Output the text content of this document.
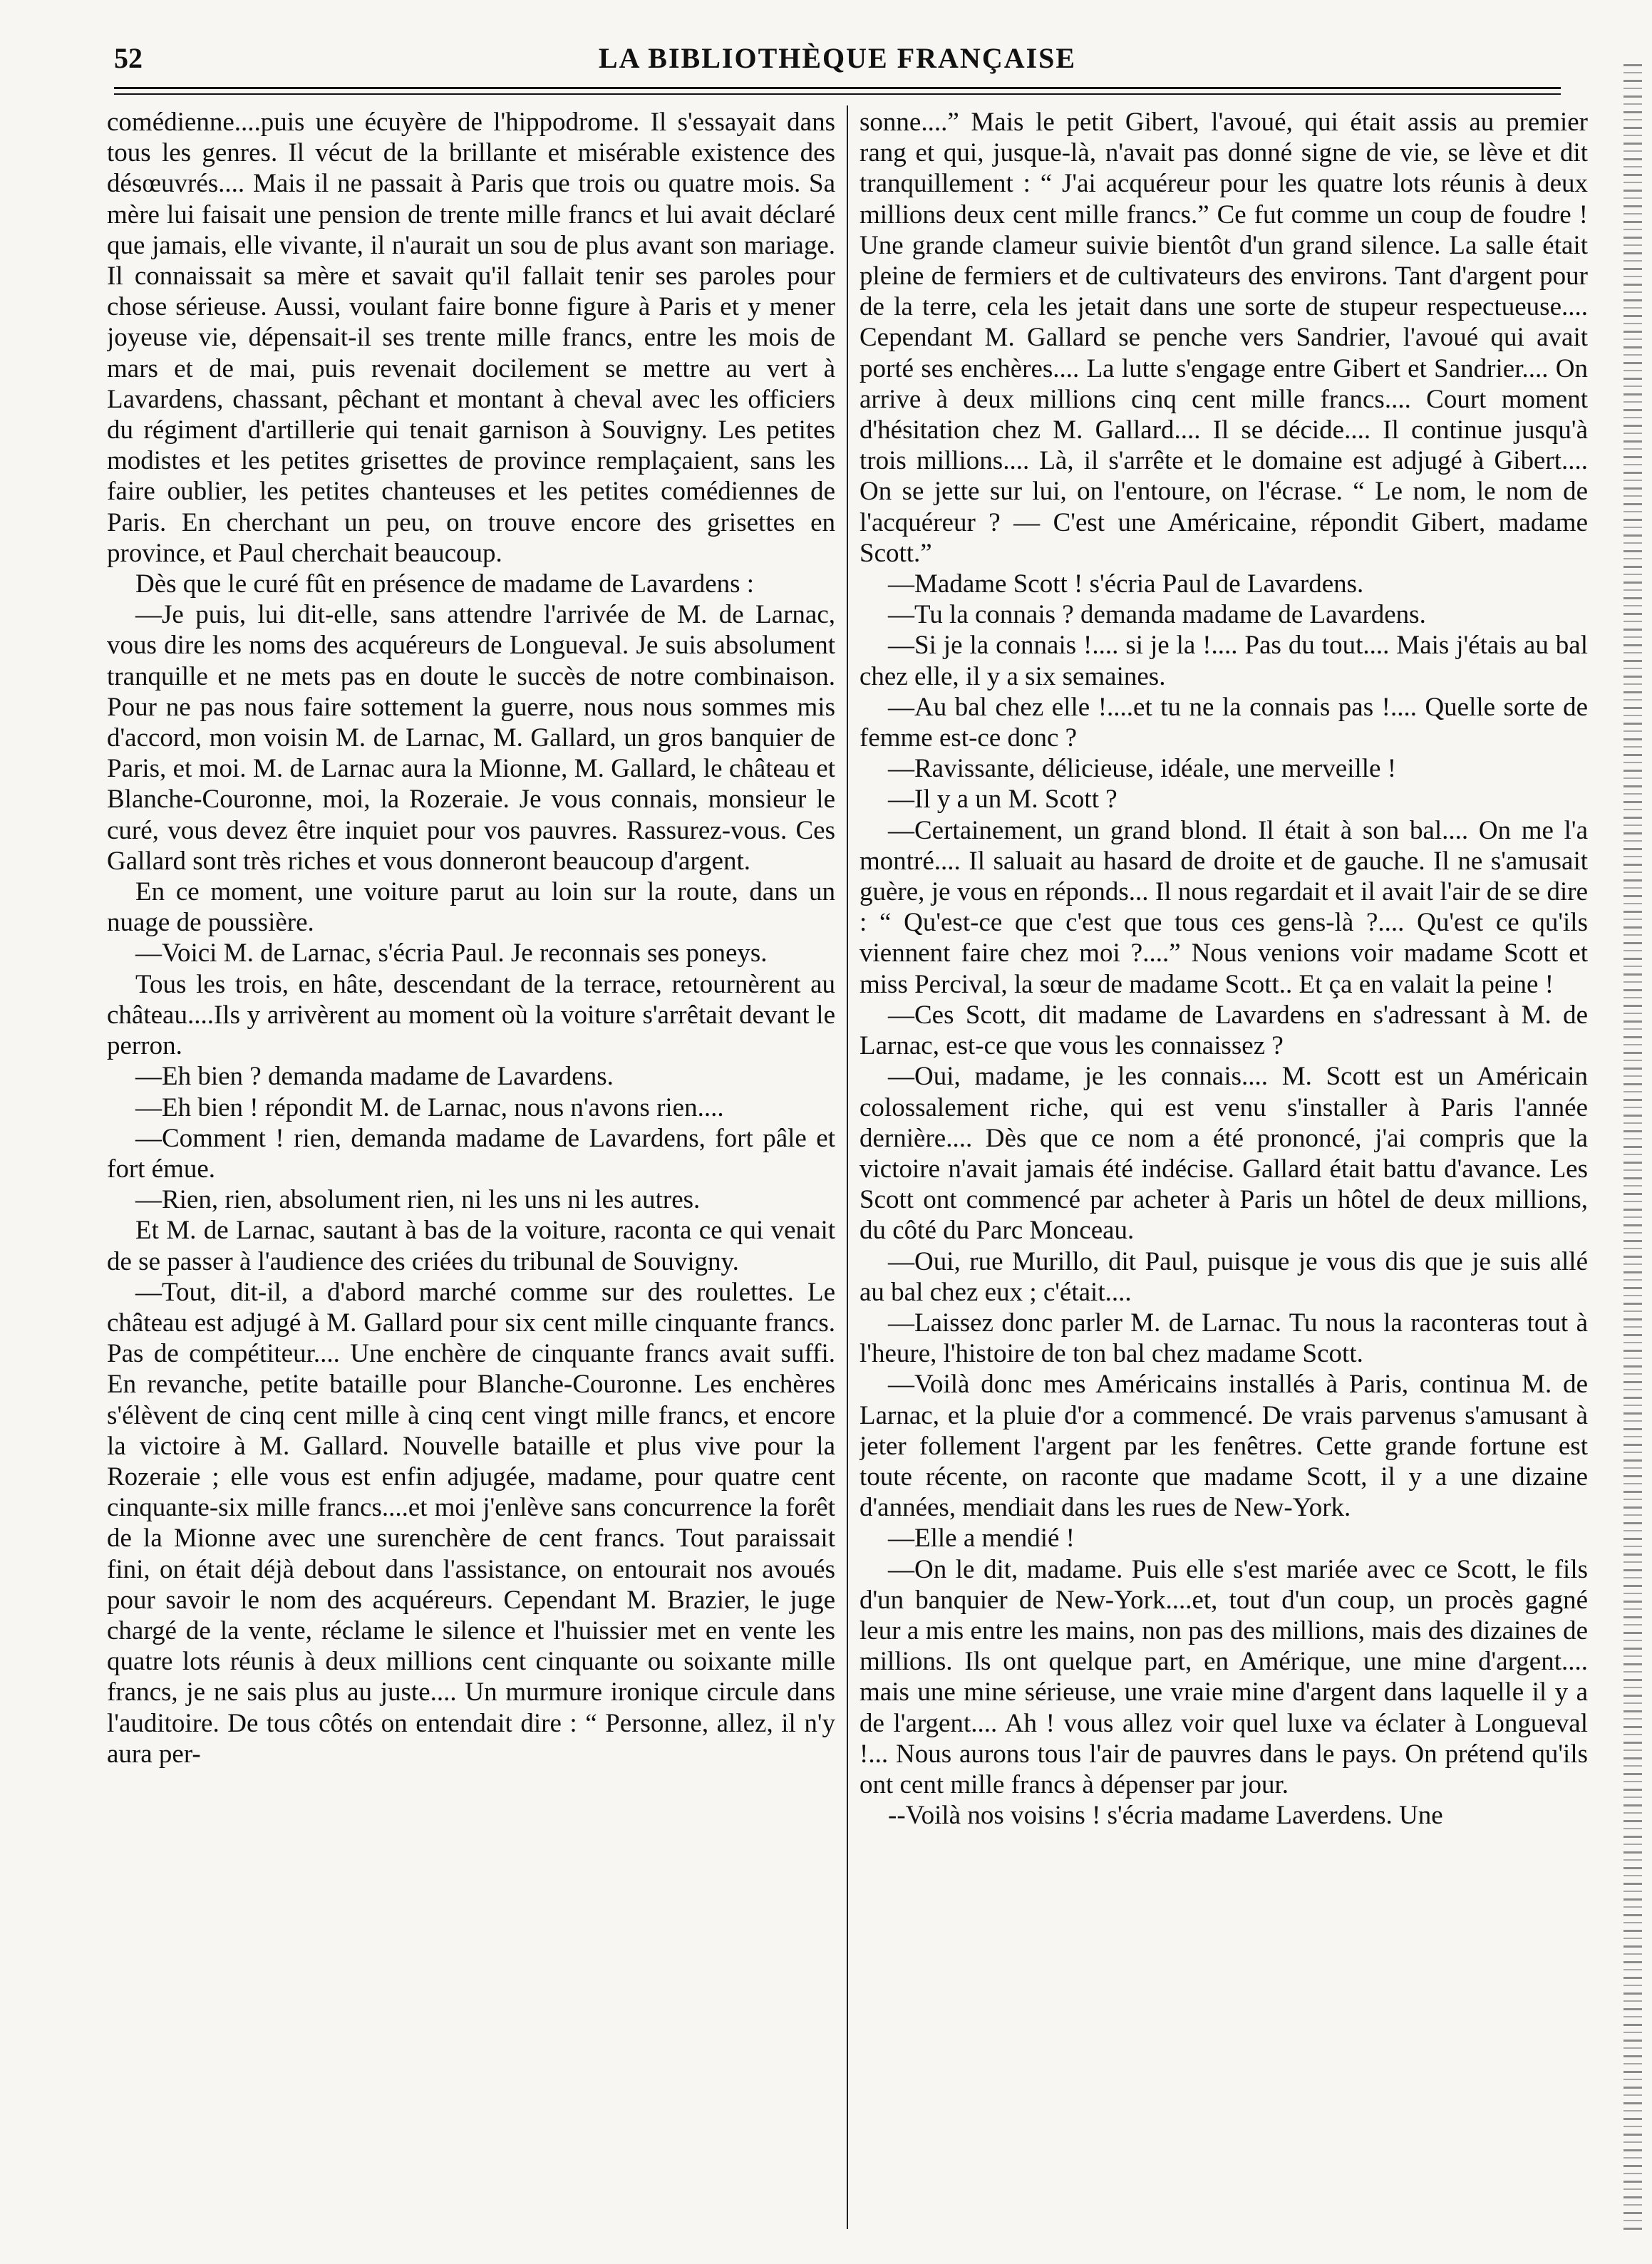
52	LA BIBLIOTHÈQUE FRANÇAISE

comédienne....puis une écuyère de l'hippodrome. Il s'essayait dans tous les genres. Il vécut de la brillante et misérable existence des désœuvrés.... Mais il ne passait à Paris que trois ou quatre mois. Sa mère lui faisait une pension de trente mille francs et lui avait déclaré que jamais, elle vivante, il n'aurait un sou de plus avant son mariage. Il connaissait sa mère et savait qu'il fallait tenir ses paroles pour chose sérieuse. Aussi, voulant faire bonne figure à Paris et y mener joyeuse vie, dépensait-il ses trente mille francs, entre les mois de mars et de mai, puis revenait docilement se mettre au vert à Lavardens, chassant, pêchant et montant à cheval avec les officiers du régiment d'artillerie qui tenait garnison à Souvigny. Les petites modistes et les petites grisettes de province remplaçaient, sans les faire oublier, les petites chanteuses et les petites comédiennes de Paris. En cherchant un peu, on trouve encore des grisettes en province, et Paul cherchait beaucoup.

Dès que le curé fût en présence de madame de Lavardens :

—Je puis, lui dit-elle, sans attendre l'arrivée de M. de Larnac, vous dire les noms des acquéreurs de Longueval. Je suis absolument tranquille et ne mets pas en doute le succès de notre combinaison. Pour ne pas nous faire sottement la guerre, nous nous sommes mis d'accord, mon voisin M. de Larnac, M. Gallard, un gros banquier de Paris, et moi. M. de Larnac aura la Mionne, M. Gallard, le château et Blanche-Couronne, moi, la Rozeraie. Je vous connais, monsieur le curé, vous devez être inquiet pour vos pauvres. Rassurez-vous. Ces Gallard sont très riches et vous donneront beaucoup d'argent.

En ce moment, une voiture parut au loin sur la route, dans un nuage de poussière.

—Voici M. de Larnac, s'écria Paul. Je reconnais ses poneys.

Tous les trois, en hâte, descendant de la terrace, retournèrent au château....Ils y arrivèrent au moment où la voiture s'arrêtait devant le perron.

—Eh bien ? demanda madame de Lavardens.

—Eh bien ! répondit M. de Larnac, nous n'avons rien....

—Comment ! rien, demanda madame de Lavardens, fort pâle et fort émue.

—Rien, rien, absolument rien, ni les uns ni les autres.

Et M. de Larnac, sautant à bas de la voiture, raconta ce qui venait de se passer à l'audience des criées du tribunal de Souvigny.

—Tout, dit-il, a d'abord marché comme sur des roulettes. Le château est adjugé à M. Gallard pour six cent mille cinquante francs. Pas de compétiteur.... Une enchère de cinquante francs avait suffi. En revanche, petite bataille pour Blanche-Couronne. Les enchères s'élèvent de cinq cent mille à cinq cent vingt mille francs, et encore la victoire à M. Gallard. Nouvelle bataille et plus vive pour la Rozeraie ; elle vous est enfin adjugée, madame, pour quatre cent cinquante-six mille francs....et moi j'enlève sans concurrence la forêt de la Mionne avec une surenchère de cent francs. Tout paraissait fini, on était déjà debout dans l'assistance, on entourait nos avoués pour savoir le nom des acquéreurs. Cependant M. Brazier, le juge chargé de la vente, réclame le silence et l'huissier met en vente les quatre lots réunis à deux millions cent cinquante ou soixante mille francs, je ne sais plus au juste.... Un murmure ironique circule dans l'auditoire. De tous côtés on entendait dire : “ Personne, allez, il n'y aura per-

sonne....” Mais le petit Gibert, l'avoué, qui était assis au premier rang et qui, jusque-là, n'avait pas donné signe de vie, se lève et dit tranquillement : “ J'ai acquéreur pour les quatre lots réunis à deux millions deux cent mille francs.” Ce fut comme un coup de foudre ! Une grande clameur suivie bientôt d'un grand silence. La salle était pleine de fermiers et de cultivateurs des environs. Tant d'argent pour de la terre, cela les jetait dans une sorte de stupeur respectueuse.... Cependant M. Gallard se penche vers Sandrier, l'avoué qui avait porté ses enchères.... La lutte s'engage entre Gibert et Sandrier.... On arrive à deux millions cinq cent mille francs.... Court moment d'hésitation chez M. Gallard.... Il se décide.... Il continue jusqu'à trois millions.... Là, il s'arrête et le domaine est adjugé à Gibert.... On se jette sur lui, on l'entoure, on l'écrase. “ Le nom, le nom de l'acquéreur ? — C'est une Américaine, répondit Gibert, madame Scott.”

—Madame Scott ! s'écria Paul de Lavardens.

—Tu la connais ? demanda madame de Lavardens.

—Si je la connais !.... si je la !.... Pas du tout.... Mais j'étais au bal chez elle, il y a six semaines.

—Au bal chez elle !....et tu ne la connais pas !.... Quelle sorte de femme est-ce donc ?

—Ravissante, délicieuse, idéale, une merveille !

—Il y a un M. Scott ?

—Certainement, un grand blond. Il était à son bal.... On me l'a montré.... Il saluait au hasard de droite et de gauche. Il ne s'amusait guère, je vous en réponds... Il nous regardait et il avait l'air de se dire : “ Qu'est-ce que c'est que tous ces gens-là ?.... Qu'est ce qu'ils viennent faire chez moi ?....” Nous venions voir madame Scott et miss Percival, la sœur de madame Scott.. Et ça en valait la peine !

—Ces Scott, dit madame de Lavardens en s'adressant à M. de Larnac, est-ce que vous les connaissez ?

—Oui, madame, je les connais.... M. Scott est un Américain colossalement riche, qui est venu s'installer à Paris l'année dernière.... Dès que ce nom a été prononcé, j'ai compris que la victoire n'avait jamais été indécise. Gallard était battu d'avance. Les Scott ont commencé par acheter à Paris un hôtel de deux millions, du côté du Parc Monceau.

—Oui, rue Murillo, dit Paul, puisque je vous dis que je suis allé au bal chez eux ; c'était....

—Laissez donc parler M. de Larnac. Tu nous la raconteras tout à l'heure, l'histoire de ton bal chez madame Scott.

—Voilà donc mes Américains installés à Paris, continua M. de Larnac, et la pluie d'or a commencé. De vrais parvenus s'amusant à jeter follement l'argent par les fenêtres. Cette grande fortune est toute récente, on raconte que madame Scott, il y a une dizaine d'années, mendiait dans les rues de New-York.

—Elle a mendié !

—On le dit, madame. Puis elle s'est mariée avec ce Scott, le fils d'un banquier de New-York....et, tout d'un coup, un procès gagné leur a mis entre les mains, non pas des millions, mais des dizaines de millions. Ils ont quelque part, en Amérique, une mine d'argent.... mais une mine sérieuse, une vraie mine d'argent dans laquelle il y a de l'argent.... Ah ! vous allez voir quel luxe va éclater à Longueval !... Nous aurons tous l'air de pauvres dans le pays. On prétend qu'ils ont cent mille francs à dépenser par jour.

--Voilà nos voisins ! s'écria madame Laverdens. Une
